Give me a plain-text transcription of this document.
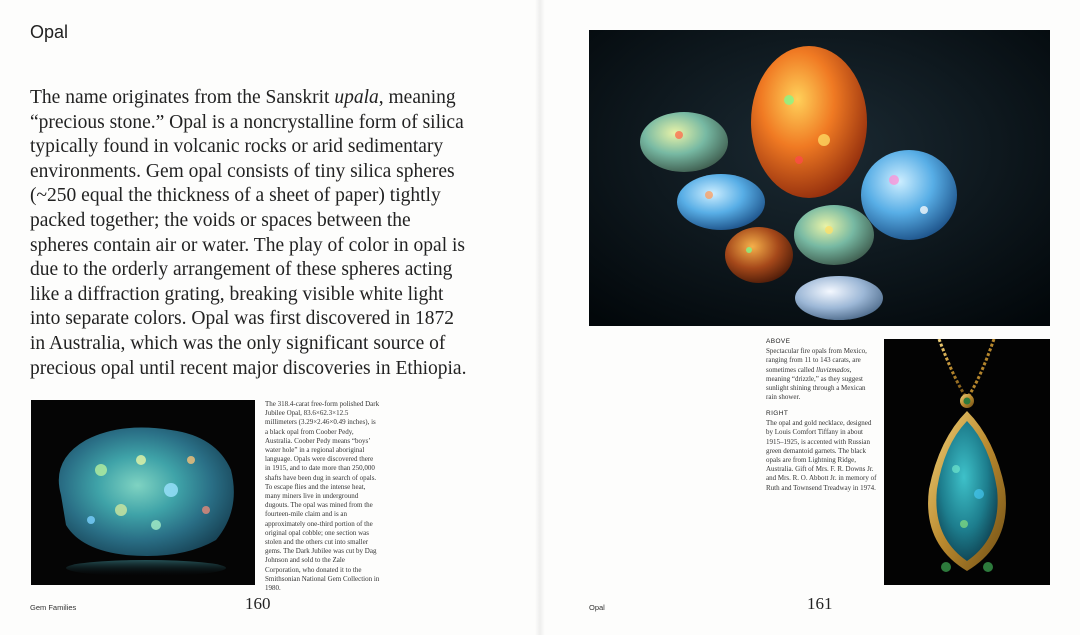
Opal

The name originates from the Sanskrit upala, meaning “precious stone.” Opal is a noncrystalline form of silica typically found in volcanic rocks or arid sedimentary environments. Gem opal consists of tiny silica spheres (~250 equal the thickness of a sheet of paper) tightly packed together; the voids or spaces between the spheres contain air or water. The play of color in opal is due to the orderly arrangement of these spheres acting like a diffraction grating, breaking visible white light into separate colors. Opal was first discovered in 1872 in Australia, which was the only significant source of precious opal until recent major discoveries in Ethiopia.

The 318.4-carat free-form polished Dark Jubilee Opal, 83.6×62.3×12.5 millimeters (3.29×2.46×0.49 inches), is a black opal from Coober Pedy, Australia. Coober Pedy means “boys’ water hole” in a regional aboriginal language. Opals were discovered there in 1915, and to date more than 250,000 shafts have been dug in search of opals. To escape flies and the intense heat, many miners live in underground dugouts. The opal was mined from the fourteen-mile claim and is an approximately one-third portion of the original opal cobble; one section was stolen and the others cut into smaller gems. The Dark Jubilee was cut by Dag Johnson and sold to the Zale Corporation, who donated it to the Smithsonian National Gem Collection in 1980.

Gem Families	160

ABOVE
Spectacular fire opals from Mexico, ranging from 11 to 143 carats, are sometimes called lluvizmados, meaning “drizzle,” as they suggest sunlight shining through a Mexican rain shower.

RIGHT
The opal and gold necklace, designed by Louis Comfort Tiffany in about 1915–1925, is accented with Russian green demantoid garnets. The black opals are from Lightning Ridge, Australia. Gift of Mrs. F. R. Downs Jr. and Mrs. R. O. Abbott Jr. in memory of Ruth and Townsend Treadway in 1974.

Opal	161
